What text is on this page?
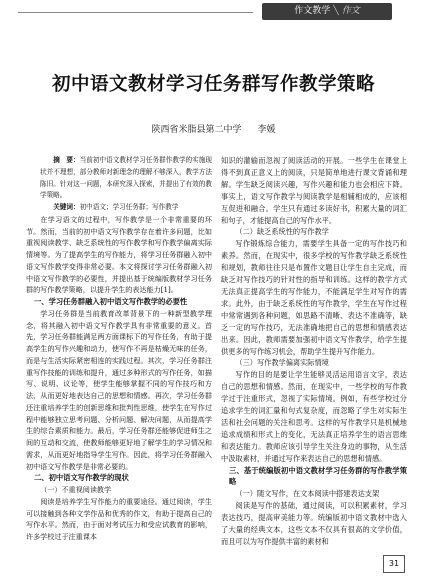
作文教学 ╲ 作文
初中语文教材学习任务群写作教学策略
陕西省米脂县第二中学 李媛

摘　要：当前初中语文教材学习任务群作教学的实施现状并不理想，部分教师对新理念的理解不够深入，教学方法陈旧。针对这一问题，本研究深入探索，并提出了有效的教学策略。

关键词：初中语文；学习任务群；写作教学

在学习语文的过程中，写作教学是一个非常重要的环节。然而，当前的初中语文写作教学存在着许多问题，比如重视阅读教学、缺乏系统性的写作教学和写作教学偏离实际情境等。为了提高学生的写作能力，将学习任务群融入初中语文写作教学变得非常必要。本文将探讨学习任务群融入初中语文写作教学的必要性，并提出基于统编版教材学习任务群的写作教学策略，以提升学生的表达能力[1]。

一、学习任务群融入初中语文写作教学的必要性

学习任务群是当前教育改革背景下的一种新型教学理念，将其融入初中语文写作教学具有非常重要的意义。首先，学习任务群能满足两方面课标下的写作任务，有助于提高学生的写作兴趣和动力，使写作不再是枯燥无味的任务，而是与生活实际紧密相连的实践过程。其次，学习任务群注重写作技能的训练和提升，通过多种形式的写作任务，如描写、说明、议论等，使学生能够掌握不同的写作技巧和方法，从而更好地表达自己的思想和情感。再次，学习任务群还注重培养学生的创新思维和批判性思维，使学生在写作过程中能够独立思考问题、分析问题、解决问题，从而提高学生的综合素质和能力。最后，学习任务群还能够促进师生之间的互动和交流，使教师能够更好地了解学生的学习情况和需求，从而更好地指导学生写作。因此，将学习任务群融入初中语文写作教学是非常必要的。

二、初中语文写作教学的现状

（一）不重视阅读教学

阅读是培养学生写作能力的重要途径。通过阅读，学生可以接触到各种文学作品和优秀的作文，有助于提高自己的写作水平。然而，由于面对考试压力和受应试教育的影响，许多学校过于注重课本

知识的灌输而忽视了阅读活动的开展。一些学生在课堂上得不到真正意义上的阅读，只是简单地进行课文背诵和理解。学生缺乏阅读兴趣，写作兴趣和能力也会相应下降。事实上，语文写作教学与阅读教学是相辅相成的，应该相互促进和融合。学生只有通过多读好书，积累大量的词汇和句子，才能提高自己的写作水平。

（二）缺乏系统性的写作教学

写作锻炼综合能力，需要学生具备一定的写作技巧和素养。然而，在现实中，很多学校的写作教学缺乏系统性和规划，教师往往只是布置作文题目让学生自主完成，而缺乏对写作技巧的针对性的指导和训练。这样的教学方式无法真正提高学生的写作能力，不能满足学生对写作的需求。此外，由于缺乏系统性的写作教学，学生在写作过程中常常遇到各种问题，如思路不清晰、表达不准确等，缺乏一定的写作技巧，无法准确地把自己的思想和情感表达出来。因此，教师需要加强初中语文写作教学，给学生提供更多的写作练习机会，帮助学生提升写作能力。

（三）写作教学偏离实际情境

写作的目的是要让学生能够灵活运用语言文字，表达自己的思想和情感。然而，在现实中，一些学校的写作教学过于注重形式，忽视了实际情境。例如，有些学校过分追求学生的词汇量和句式复杂度，而忽略了学生对实际生活和社会问题的关注和思考。这样的写作教学只是机械地追求成绩和形式上的变化，无法真正培养学生的语言思维和表达能力。教师应该引导学生关注身边的事物，从生活中汲取素材，并通过写作来表达自己的思想和情感。

三、基于统编版初中语文教材学习任务群的写作教学策略

（一）随文写作，在文本阅读中搭建表达支架

阅读是写作的基础，通过阅读，可以积累素材，学习表达技巧，提高审美能力等。统编版初中语文教材中选入了大量的经典文本，这些文本不仅具有很高的文学价值，而且可以为写作提供丰富的素材和

31
